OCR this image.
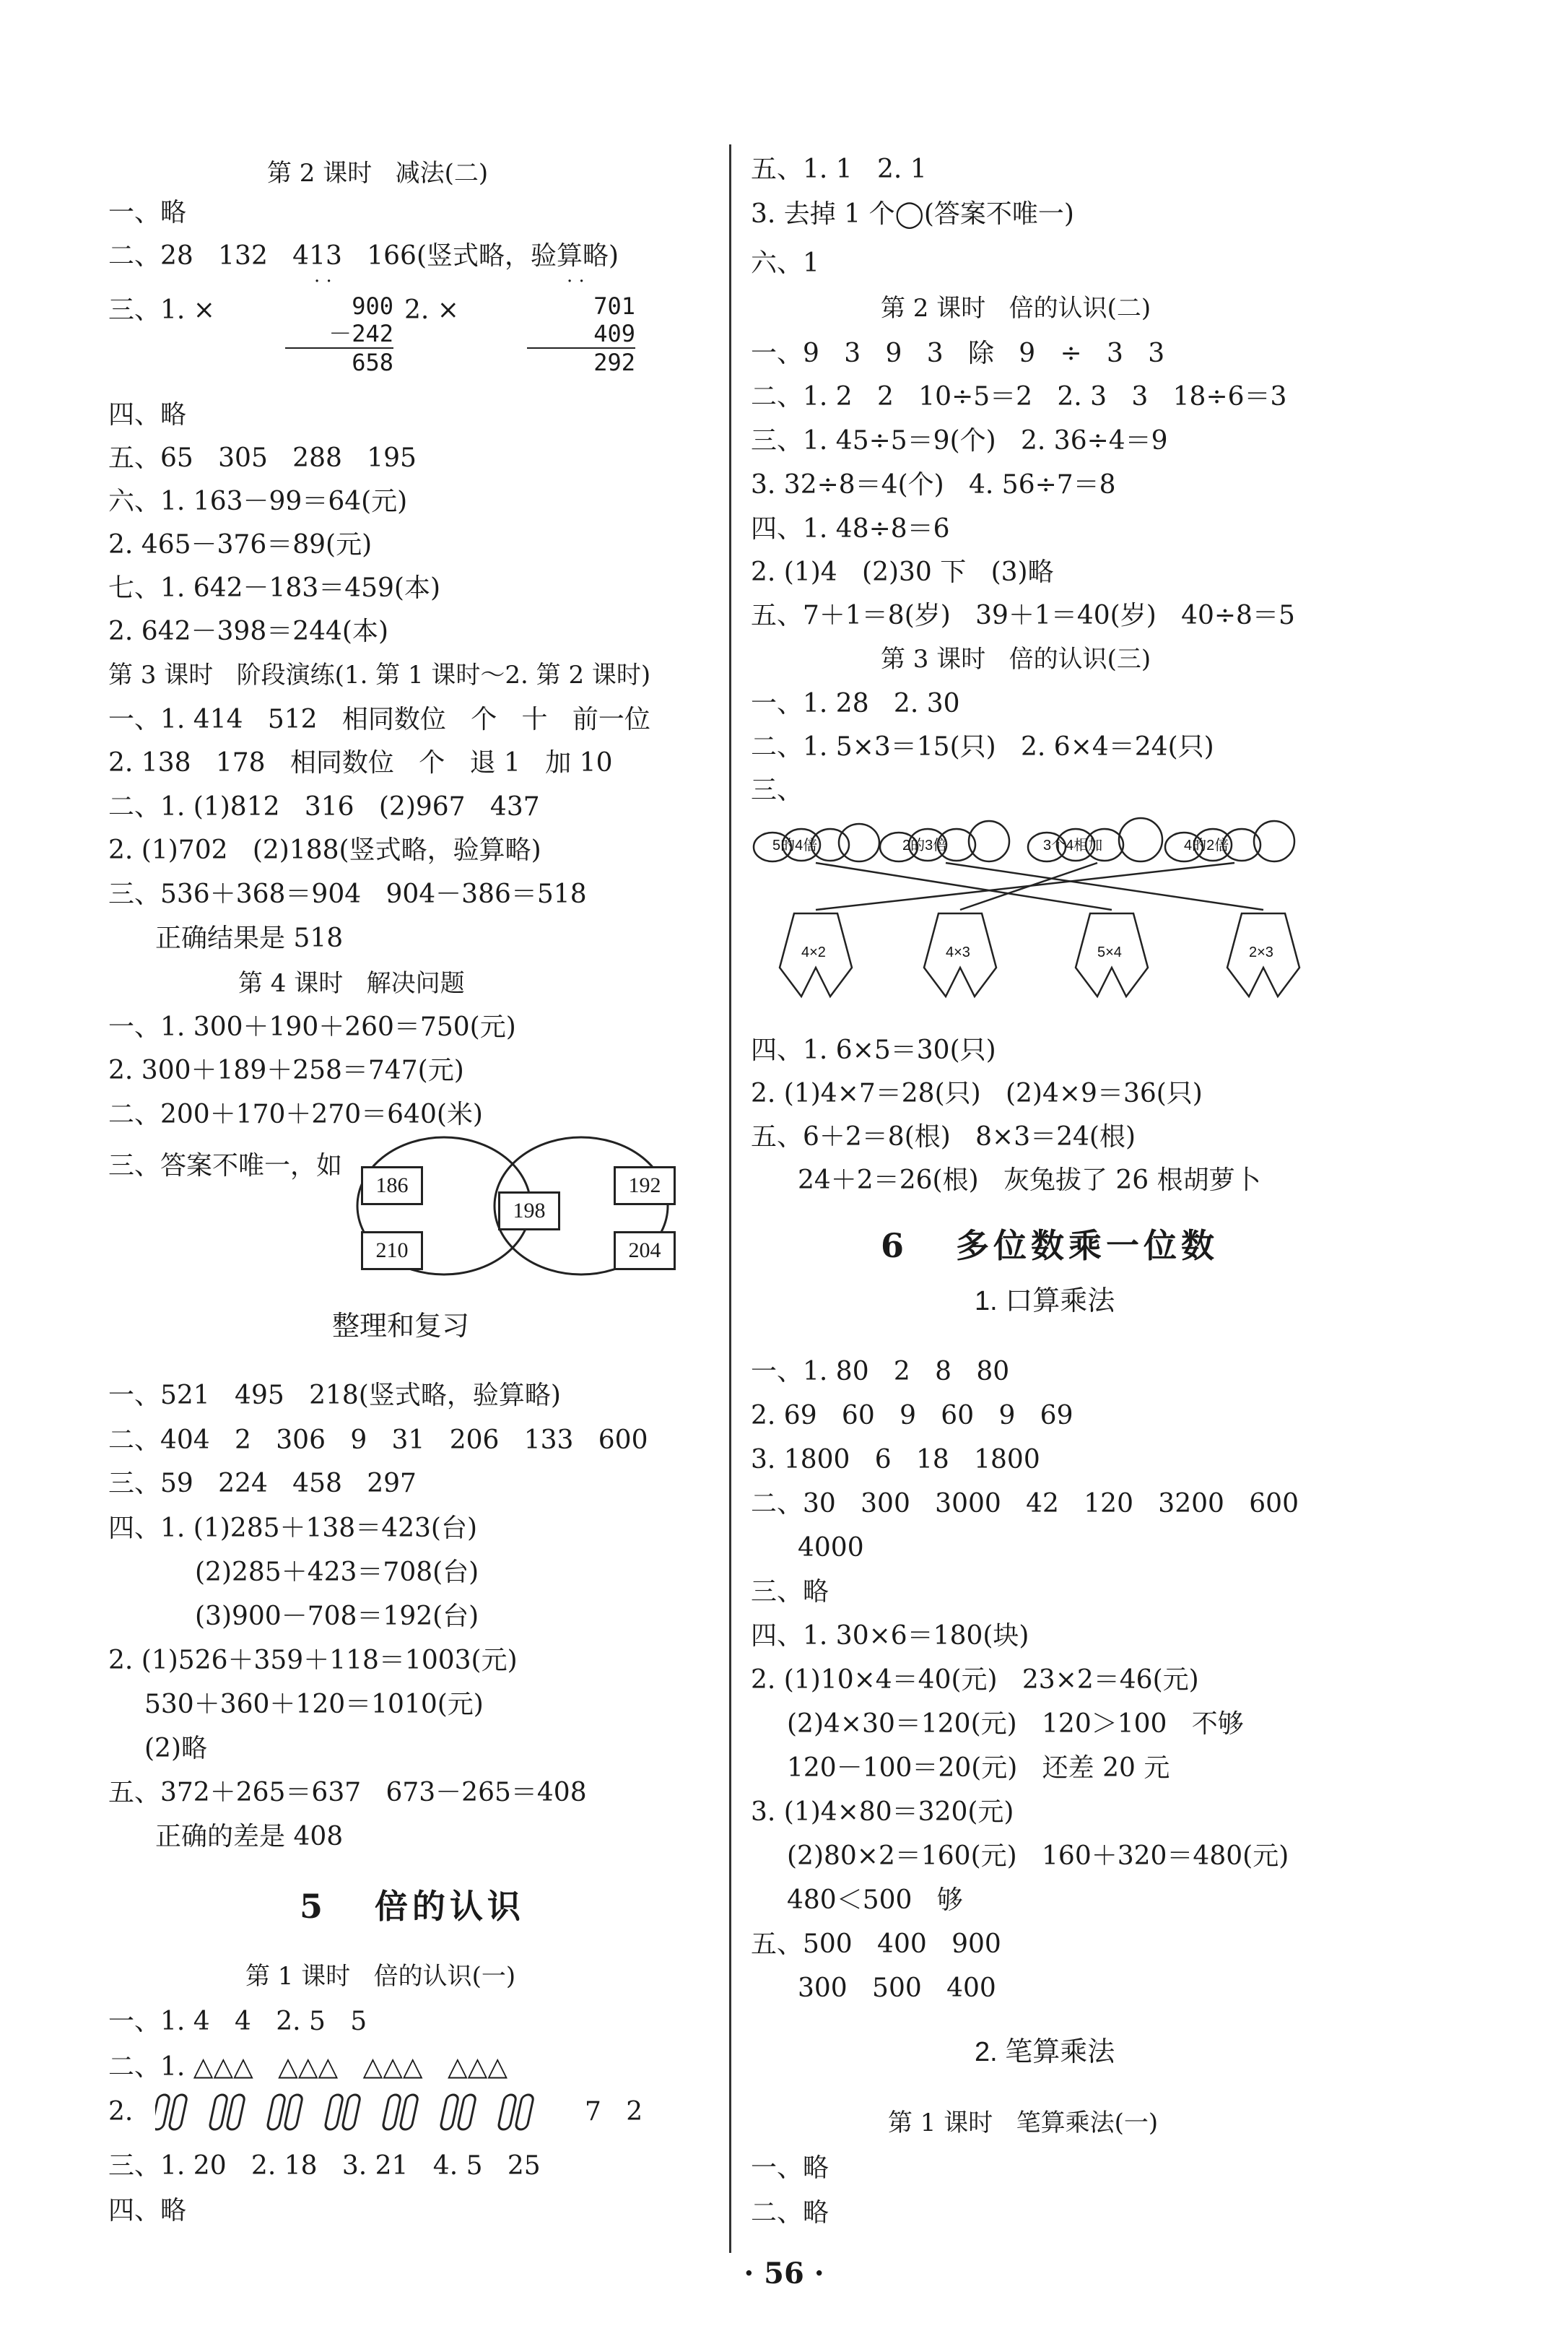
第 2 课时   减法(二)
一、略
二、28   132   413   166(竖式略，验算略)
三、1. ×
· ·
900
－242
658
2. ×
· ·
701
409
292
四、略
五、65   305   288   195
六、1. 163－99＝64(元)
2. 465－376＝89(元)
七、1. 642－183＝459(本)
2. 642－398＝244(本)
第 3 课时   阶段演练(1. 第 1 课时～2. 第 2 课时)
一、1. 414   512   相同数位   个   十   前一位
2. 138   178   相同数位   个   退 1   加 10
二、1. (1)812   316   (2)967   437
2. (1)702   (2)188(竖式略，验算略)
三、536＋368＝904   904－386＝518
正确结果是 518
第 4 课时   解决问题
一、1. 300＋190＋260＝750(元)
2. 300＋189＋258＝747(元)
二、200＋170＋270＝640(米)
三、答案不唯一，如
186
210
198
192
204
整理和复习
一、521   495   218(竖式略，验算略)
二、404   2   306   9   31   206   133   600
三、59   224   458   297
四、1. (1)285＋138＝423(台)
(2)285＋423＝708(台)
(3)900－708＝192(台)
2. (1)526＋359＋118＝1003(元)
530＋360＋120＝1010(元)
(2)略
五、372＋265＝637   673－265＝408
正确的差是 408
5   倍的认识
第 1 课时   倍的认识(一)
一、1. 4   4   2. 5   5
二、1. △△△   △△△   △△△   △△△
2.	7   2
三、1. 20   2. 18   3. 21   4. 5   25
四、略
五、1. 1   2. 1
3. 去掉 1 个◯(答案不唯一)
六、1
第 2 课时   倍的认识(二)
一、9   3   9   3   除   9   ÷   3   3
二、1. 2   2   10÷5＝2   2. 3   3   18÷6＝3
三、1. 45÷5＝9(个)   2. 36÷4＝9
3. 32÷8＝4(个)   4. 56÷7＝8
四、1. 48÷8＝6
2. (1)4   (2)30 下   (3)略
五、7＋1＝8(岁)   39＋1＝40(岁)   40÷8＝5
第 3 课时   倍的认识(三)
一、1. 28   2. 30
二、1. 5×3＝15(只)   2. 6×4＝24(只)
三、
5的4倍	2的3倍	3个4相加	4的2倍
4×2	4×3	5×4	2×3
四、1. 6×5＝30(只)
2. (1)4×7＝28(只)   (2)4×9＝36(只)
五、6＋2＝8(根)   8×3＝24(根)
24＋2＝26(根)   灰兔拔了 26 根胡萝卜
6   多位数乘一位数
1. 口算乘法
一、1. 80   2   8   80
2. 69   60   9   60   9   69
3. 1800   6   18   1800
二、30   300   3000   42   120   3200   600
4000
三、略
四、1. 30×6＝180(块)
2. (1)10×4＝40(元)   23×2＝46(元)
(2)4×30＝120(元)   120＞100   不够
120－100＝20(元)   还差 20 元
3. (1)4×80＝320(元)
(2)80×2＝160(元)   160＋320＝480(元)
480＜500   够
五、500   400   900
300   500   400
2. 笔算乘法
第 1 课时   笔算乘法(一)
一、略
二、略
· 56 ·
